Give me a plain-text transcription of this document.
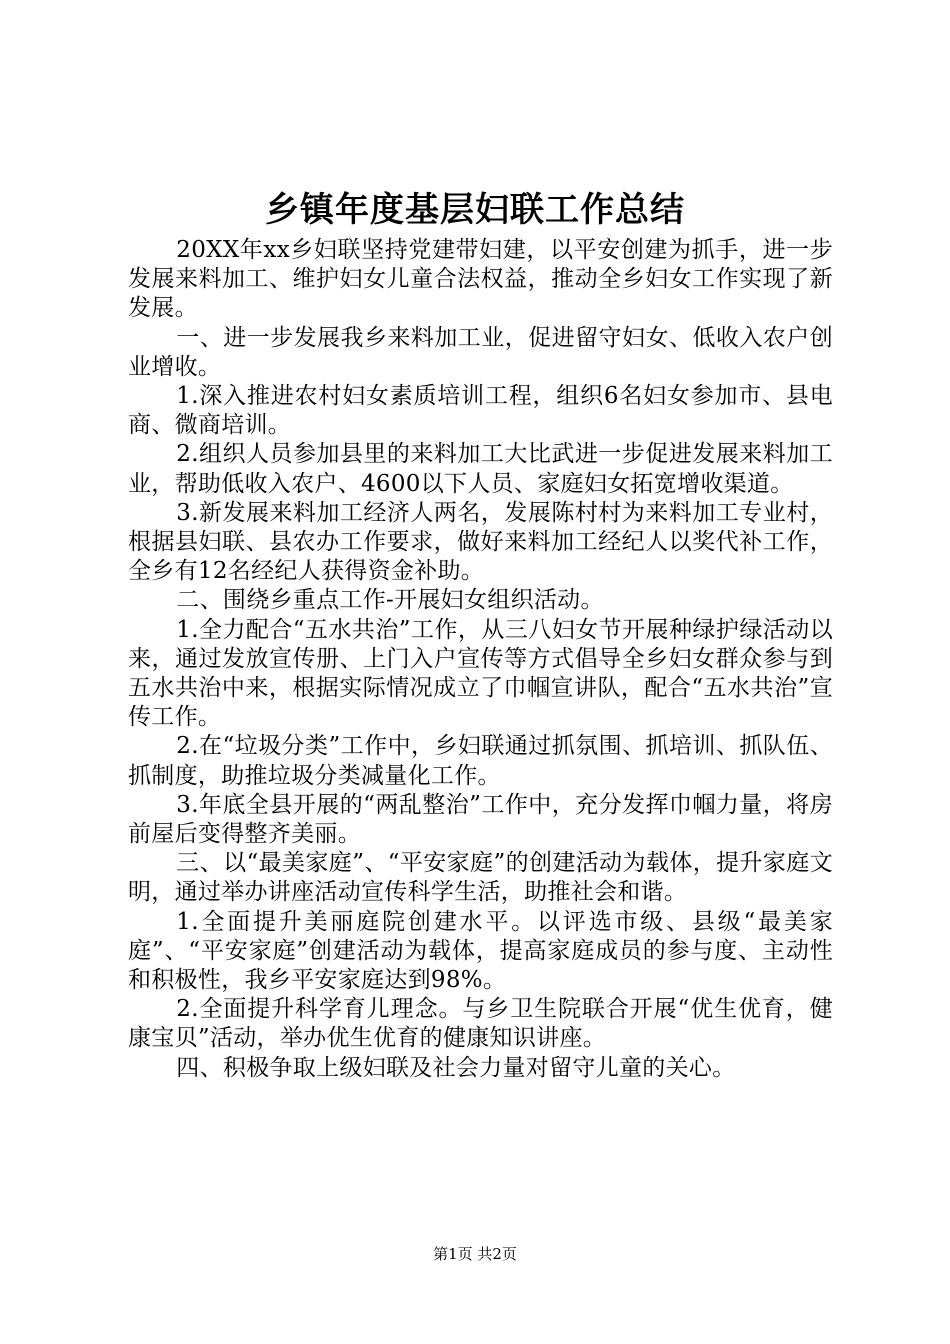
乡镇年度基层妇联工作总结

20XX年xx乡妇联坚持党建带妇建，以平安创建为抓手，进一步发展来料加工、维护妇女儿童合法权益，推动全乡妇女工作实现了新发展。

一、进一步发展我乡来料加工业，促进留守妇女、低收入农户创业增收。

1.深入推进农村妇女素质培训工程，组织6名妇女参加市、县电商、微商培训。

2.组织人员参加县里的来料加工大比武进一步促进发展来料加工业，帮助低收入农户、4600以下人员、家庭妇女拓宽增收渠道。

3.新发展来料加工经济人两名，发展陈村村为来料加工专业村，根据县妇联、县农办工作要求，做好来料加工经纪人以奖代补工作，全乡有12名经纪人获得资金补助。

二、围绕乡重点工作-开展妇女组织活动。

1.全力配合“五水共治”工作，从三八妇女节开展种绿护绿活动以来，通过发放宣传册、上门入户宣传等方式倡导全乡妇女群众参与到五水共治中来，根据实际情况成立了巾帼宣讲队，配合“五水共治”宣传工作。

2.在“垃圾分类”工作中，乡妇联通过抓氛围、抓培训、抓队伍、抓制度，助推垃圾分类减量化工作。

3.年底全县开展的“两乱整治”工作中，充分发挥巾帼力量，将房前屋后变得整齐美丽。

三、以“最美家庭”、“平安家庭”的创建活动为载体，提升家庭文明，通过举办讲座活动宣传科学生活，助推社会和谐。

1.全面提升美丽庭院创建水平。以评选市级、县级“最美家庭”、“平安家庭”创建活动为载体，提高家庭成员的参与度、主动性和积极性，我乡平安家庭达到98%。

2.全面提升科学育儿理念。与乡卫生院联合开展“优生优育，健康宝贝”活动，举办优生优育的健康知识讲座。

四、积极争取上级妇联及社会力量对留守儿童的关心。

第1页 共2页
